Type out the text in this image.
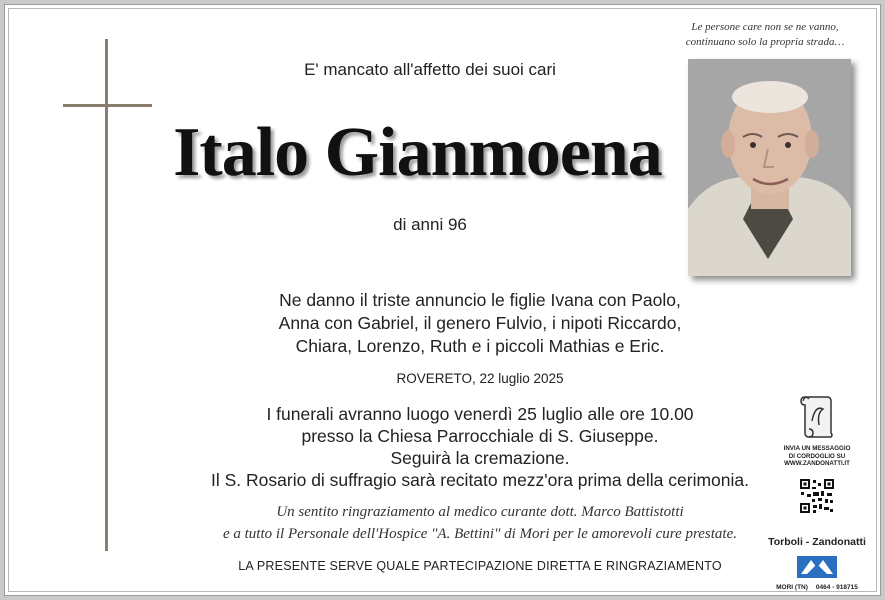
E' mancato all'affetto dei suoi cari
Italo Gianmoena
di anni 96
Le persone care non se ne vanno,
continuano solo la propria strada…
Ne danno il triste annuncio le figlie Ivana con Paolo,
Anna con Gabriel, il genero Fulvio, i nipoti Riccardo,
Chiara, Lorenzo, Ruth e i piccoli Mathias e Eric.
ROVERETO, 22 luglio 2025
I funerali avranno luogo venerdì 25 luglio alle ore 10.00
presso la Chiesa Parrocchiale di S. Giuseppe.
Seguirà la cremazione.
Il S. Rosario di suffragio sarà recitato mezz'ora prima della cerimonia.
Un sentito ringraziamento al medico curante dott. Marco Battistotti
e a tutto il Personale dell'Hospice "A. Bettini" di Mori per le amorevoli cure prestate.
LA PRESENTE SERVE QUALE PARTECIPAZIONE DIRETTA E RINGRAZIAMENTO
INVIA UN MESSAGGIO
DI CORDOGLIO SU
WWW.ZANDONATTI.IT
Torboli - Zandonatti
MORI (TN) 0464 - 918715
